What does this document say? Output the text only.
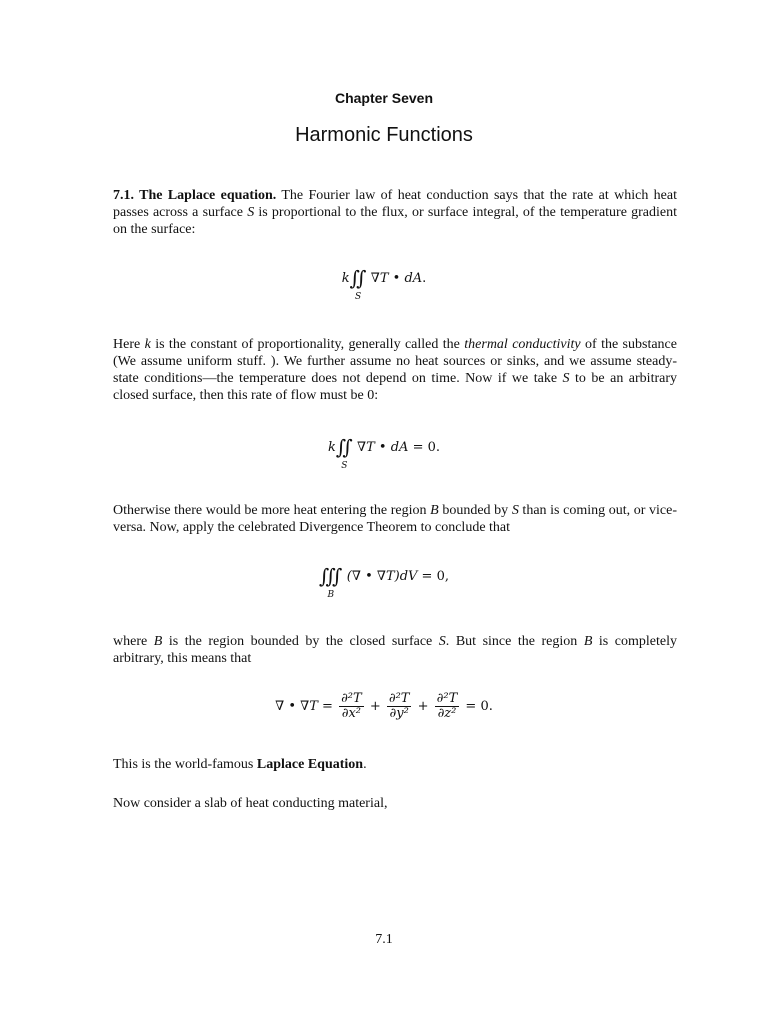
Chapter Seven
Harmonic Functions

7.1. The Laplace equation. The Fourier law of heat conduction says that the rate at which heat passes across a surface S is proportional to the flux, or surface integral, of the temperature gradient on the surface:

k∬
S
∇T • dA.

Here k is the constant of proportionality, generally called the thermal conductivity of the substance (We assume uniform stuff. ). We further assume no heat sources or sinks, and we assume steady-state conditions—the temperature does not depend on time. Now if we take S to be an arbitrary closed surface, then this rate of flow must be 0:

k∬
S
∇T • dA = 0.

Otherwise there would be more heat entering the region B bounded by S than is coming out, or vice-versa. Now, apply the celebrated Divergence Theorem to conclude that

∭
B
(∇ • ∇T)dV = 0,

where B is the region bounded by the closed surface S. But since the region B is completely arbitrary, this means that

∇ • $\nabla T = \frac{\text{∂²T}}{\text{∂x²}} + \frac{\text{∂²T}}{\text{∂y²}} + \frac{\text{∂²T}}{\text{∂z²}} = 0$.

This is the world-famous Laplace Equation.

Now consider a slab of heat conducting material,

7.1
